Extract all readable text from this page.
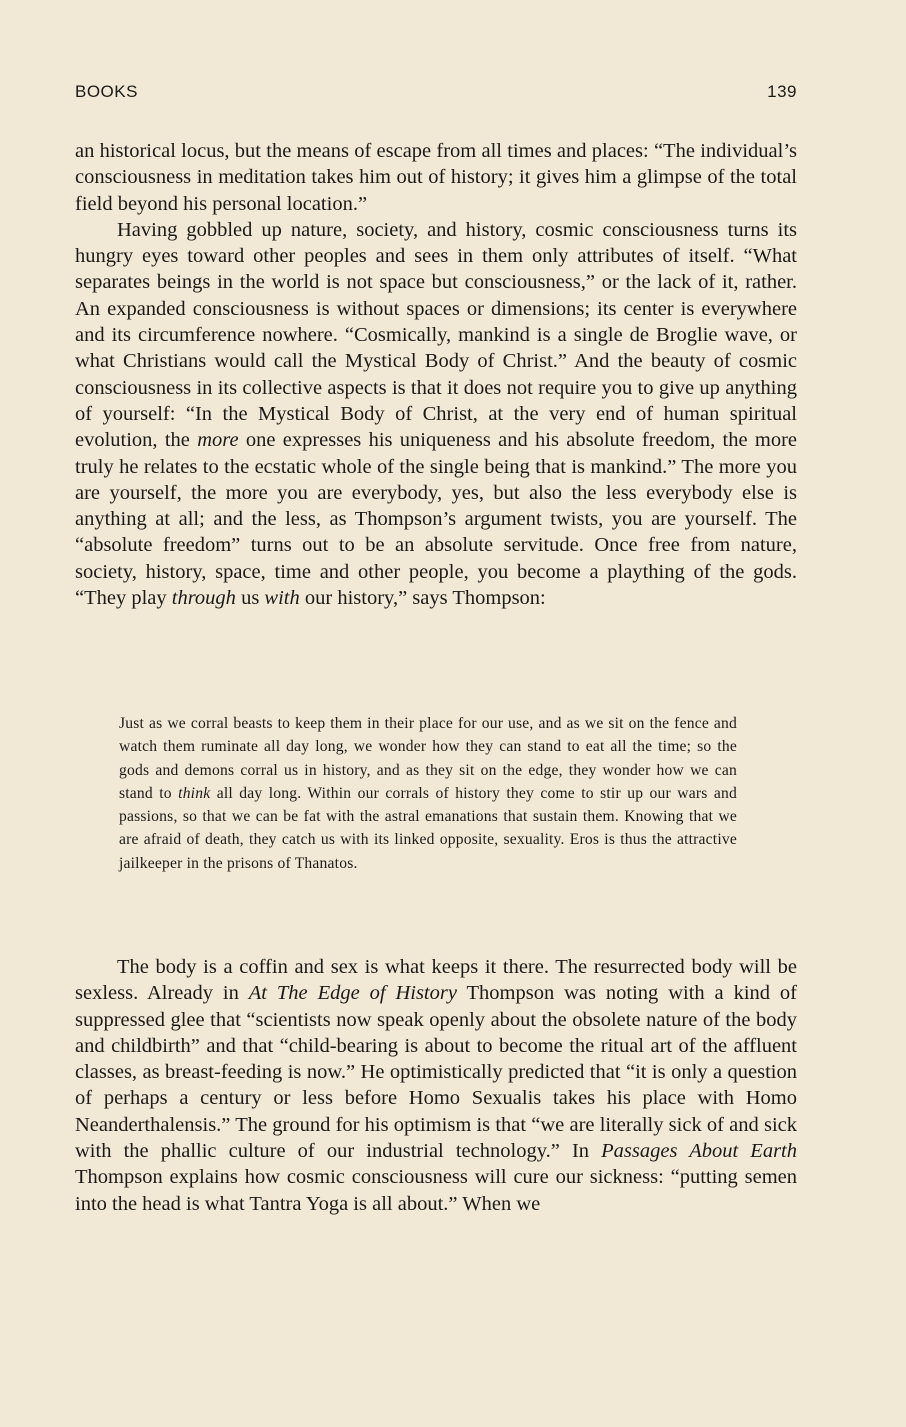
BOOKS	139

an historical locus, but the means of escape from all times and places: “The individual’s consciousness in meditation takes him out of history; it gives him a glimpse of the total field beyond his personal location.”

Having gobbled up nature, society, and history, cosmic consciousness turns its hungry eyes toward other peoples and sees in them only attributes of itself. “What separates beings in the world is not space but consciousness,” or the lack of it, rather. An expanded consciousness is without spaces or dimensions; its center is everywhere and its circumference nowhere. “Cosmically, mankind is a single de Broglie wave, or what Christians would call the Mystical Body of Christ.” And the beauty of cosmic consciousness in its collective aspects is that it does not require you to give up anything of yourself: “In the Mystical Body of Christ, at the very end of human spiritual evolution, the more one expresses his uniqueness and his absolute freedom, the more truly he relates to the ecstatic whole of the single being that is mankind.” The more you are yourself, the more you are everybody, yes, but also the less everybody else is anything at all; and the less, as Thompson’s argument twists, you are yourself. The “absolute freedom” turns out to be an absolute servitude. Once free from nature, society, history, space, time and other people, you become a plaything of the gods. “They play through us with our history,” says Thompson:

Just as we corral beasts to keep them in their place for our use, and as we sit on the fence and watch them ruminate all day long, we wonder how they can stand to eat all the time; so the gods and demons corral us in history, and as they sit on the edge, they wonder how we can stand to think all day long. Within our corrals of history they come to stir up our wars and passions, so that we can be fat with the astral emanations that sustain them. Knowing that we are afraid of death, they catch us with its linked opposite, sexuality. Eros is thus the attractive jailkeeper in the prisons of Thanatos.

The body is a coffin and sex is what keeps it there. The resurrected body will be sexless. Already in At The Edge of History Thompson was noting with a kind of suppressed glee that “scientists now speak openly about the obsolete nature of the body and childbirth” and that “child-bearing is about to become the ritual art of the affluent classes, as breast-feeding is now.” He optimistically predicted that “it is only a question of perhaps a century or less before Homo Sexualis takes his place with Homo Neanderthalensis.” The ground for his optimism is that “we are literally sick of and sick with the phallic culture of our industrial technology.” In Passages About Earth Thompson explains how cosmic consciousness will cure our sickness: “putting semen into the head is what Tantra Yoga is all about.” When we
